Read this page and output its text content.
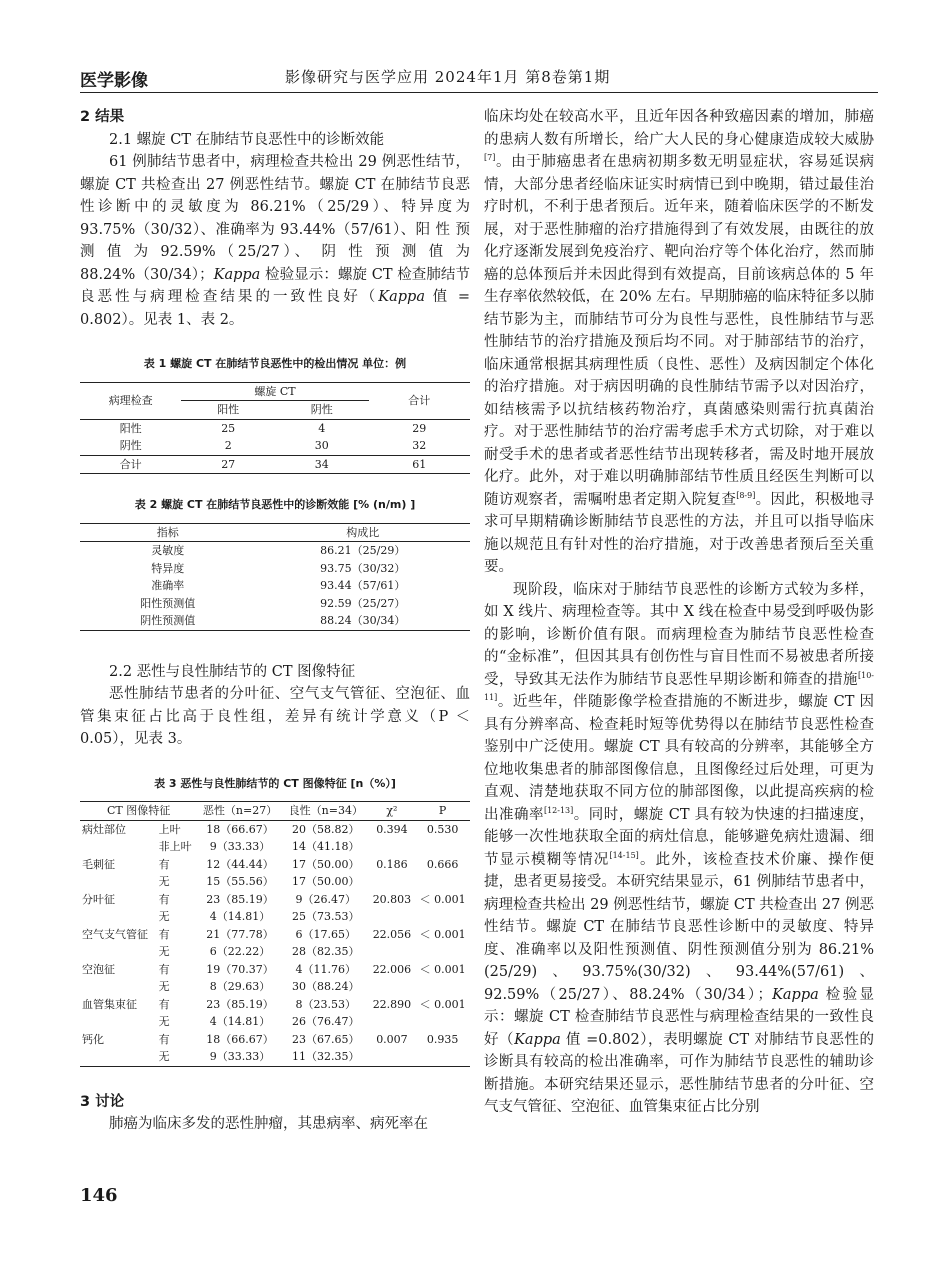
医学影像	影像研究与医学应用 2024年1月 第8卷第1期
2 结果
2.1 螺旋 CT 在肺结节良恶性中的诊断效能

61 例肺结节患者中，病理检查共检出 29 例恶性结节，螺旋 CT 共检查出 27 例恶性结节。螺旋 CT 在肺结节良恶性诊断中的灵敏度为 86.21%（25/29）、特异度为 93.75%（30/32）、准确率为 93.44%（57/61）、阳 性 预 测 值 为 92.59%（25/27）、 阴 性 预 测 值 为 88.24%（30/34）；Kappa 检验显示：螺旋 CT 检查肺结节良恶性与病理检查结果的一致性良好（Kappa 值 = 0.802）。见表 1、表 2。

表 1 螺旋 CT 在肺结节良恶性中的检出情况 单位：例
病理检查	螺旋 CT		合计
	阳性	阴性	
阳性	25	4	29
阴性	2	30	32
合计	27	34	61
表 2 螺旋 CT 在肺结节良恶性中的诊断效能 [% (n/m) ]
指标	构成比
灵敏度	86.21（25/29）
特异度	93.75（30/32）
准确率	93.44（57/61）
阳性预测值	92.59（25/27）
阴性预测值	88.24（30/34）
2.2 恶性与良性肺结节的 CT 图像特征

恶性肺结节患者的分叶征、空气支气管征、空泡征、血管集束征占比高于良性组，差异有统计学意义（P ＜ 0.05），见表 3。

表 3 恶性与良性肺结节的 CT 图像特征 [n（%）]
CT 图像特征		恶性（n=27）	良性（n=34）	χ²	P
病灶部位	上叶	18（66.67）	20（58.82）	0.394	0.530
	非上叶	9（33.33）	14（41.18）		
毛刺征	有	12（44.44）	17（50.00）	0.186	0.666
	无	15（55.56）	17（50.00）		
分叶征	有	23（85.19）	9（26.47）	20.803	＜ 0.001
	无	4（14.81）	25（73.53）		
空气支气管征	有	21（77.78）	6（17.65）	22.056	＜ 0.001
	无	6（22.22）	28（82.35）		
空泡征	有	19（70.37）	4（11.76）	22.006	＜ 0.001
	无	8（29.63）	30（88.24）		
血管集束征	有	23（85.19）	8（23.53）	22.890	＜ 0.001
	无	4（14.81）	26（76.47）		
钙化	有	18（66.67）	23（67.65）	0.007	0.935
	无	9（33.33）	11（32.35）		
3 讨论

肺癌为临床多发的恶性肿瘤，其患病率、病死率在

临床均处在较高水平，且近年因各种致癌因素的增加，肺癌的患病人数有所增长，给广大人民的身心健康造成较大威胁[7]。由于肺癌患者在患病初期多数无明显症状，容易延误病情，大部分患者经临床证实时病情已到中晚期，错过最佳治疗时机，不利于患者预后。近年来，随着临床医学的不断发展，对于恶性肺瘤的治疗措施得到了有效发展，由既往的放化疗逐渐发展到免疫治疗、靶向治疗等个体化治疗，然而肺癌的总体预后并未因此得到有效提高，目前该病总体的 5 年生存率依然较低，在 20% 左右。早期肺癌的临床特征多以肺结节影为主，而肺结节可分为良性与恶性，良性肺结节与恶性肺结节的治疗措施及预后均不同。对于肺部结节的治疗，临床通常根据其病理性质（良性、恶性）及病因制定个体化的治疗措施。对于病因明确的良性肺结节需予以对因治疗，如结核需予以抗结核药物治疗，真菌感染则需行抗真菌治疗。对于恶性肺结节的治疗需考虑手术方式切除，对于难以耐受手术的患者或者恶性结节出现转移者，需及时地开展放化疗。此外，对于难以明确肺部结节性质且经医生判断可以随访观察者，需嘱咐患者定期入院复查[8-9]。因此，积极地寻求可早期精确诊断肺结节良恶性的方法，并且可以指导临床施以规范且有针对性的治疗措施，对于改善患者预后至关重要。

现阶段，临床对于肺结节良恶性的诊断方式较为多样，如 X 线片、病理检查等。其中 X 线在检查中易受到呼吸伪影的影响，诊断价值有限。而病理检查为肺结节良恶性检查的“金标准”，但因其具有创伤性与盲目性而不易被患者所接受，导致其无法作为肺结节良恶性早期诊断和筛查的措施[10-11]。近些年，伴随影像学检查措施的不断进步，螺旋 CT 因具有分辨率高、检查耗时短等优势得以在肺结节良恶性检查鉴别中广泛使用。螺旋 CT 具有较高的分辨率，其能够全方位地收集患者的肺部图像信息，且图像经过后处理，可更为直观、清楚地获取不同方位的肺部图像，以此提高疾病的检出准确率[12-13]。同时，螺旋 CT 具有较为快速的扫描速度，能够一次性地获取全面的病灶信息，能够避免病灶遗漏、细节显示模糊等情况[14-15]。此外，该检查技术价廉、操作便捷，患者更易接受。本研究结果显示，61 例肺结节患者中，病理检查共检出 29 例恶性结节，螺旋 CT 共检查出 27 例恶性结节。螺旋 CT 在肺结节良恶性诊断中的灵敏度、特异度、准确率以及阳性预测值、阴性预测值分别为 86.21%(25/29)、93.75%(30/32)、93.44%(57/61)、92.59%（25/27）、88.24%（30/34）；Kappa 检验显示：螺旋 CT 检查肺结节良恶性与病理检查结果的一致性良好（Kappa 值 =0.802），表明螺旋 CT 对肺结节良恶性的诊断具有较高的检出准确率，可作为肺结节良恶性的辅助诊断措施。本研究结果还显示，恶性肺结节患者的分叶征、空气支气管征、空泡征、血管集束征占比分别

146
